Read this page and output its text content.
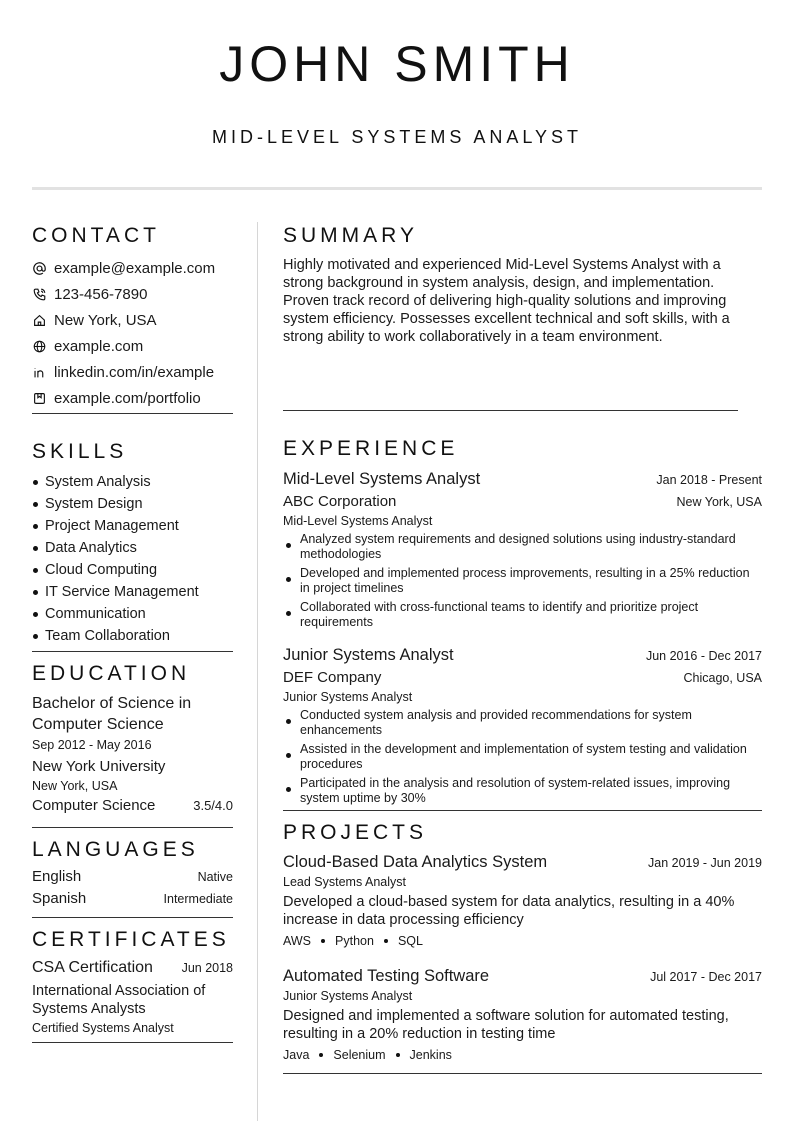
JOHN SMITH
MID-LEVEL SYSTEMS ANALYST
CONTACT
example@example.com
123-456-7890
New York, USA
example.com
linkedin.com/in/example
example.com/portfolio
SKILLS
System Analysis
System Design
Project Management
Data Analytics
Cloud Computing
IT Service Management
Communication
Team Collaboration
EDUCATION
Bachelor of Science in Computer Science
Sep 2012 - May 2016
New York University
New York, USA
Computer Science	3.5/4.0
LANGUAGES
English	Native
Spanish	Intermediate
CERTIFICATES
CSA Certification Jun 2018
International Association of Systems Analysts
Certified Systems Analyst
SUMMARY
Highly motivated and experienced Mid-Level Systems Analyst with a strong background in system analysis, design, and implementation. Proven track record of delivering high-quality solutions and improving system efficiency. Possesses excellent technical and soft skills, with a strong ability to work collaboratively in a team environment.
EXPERIENCE
Mid-Level Systems Analyst	Jan 2018 - Present
ABC Corporation	New York, USA
Mid-Level Systems Analyst
Analyzed system requirements and designed solutions using industry-standard methodologies
Developed and implemented process improvements, resulting in a 25% reduction in project timelines
Collaborated with cross-functional teams to identify and prioritize project requirements
Junior Systems Analyst	Jun 2016 - Dec 2017
DEF Company	Chicago, USA
Junior Systems Analyst
Conducted system analysis and provided recommendations for system enhancements
Assisted in the development and implementation of system testing and validation procedures
Participated in the analysis and resolution of system-related issues, improving system uptime by 30%
PROJECTS
Cloud-Based Data Analytics System	Jan 2019 - Jun 2019
Lead Systems Analyst
Developed a cloud-based system for data analytics, resulting in a 40% increase in data processing efficiency
AWS Python SQL
Automated Testing Software	Jul 2017 - Dec 2017
Junior Systems Analyst
Designed and implemented a software solution for automated testing, resulting in a 20% reduction in testing time
Java Selenium Jenkins
